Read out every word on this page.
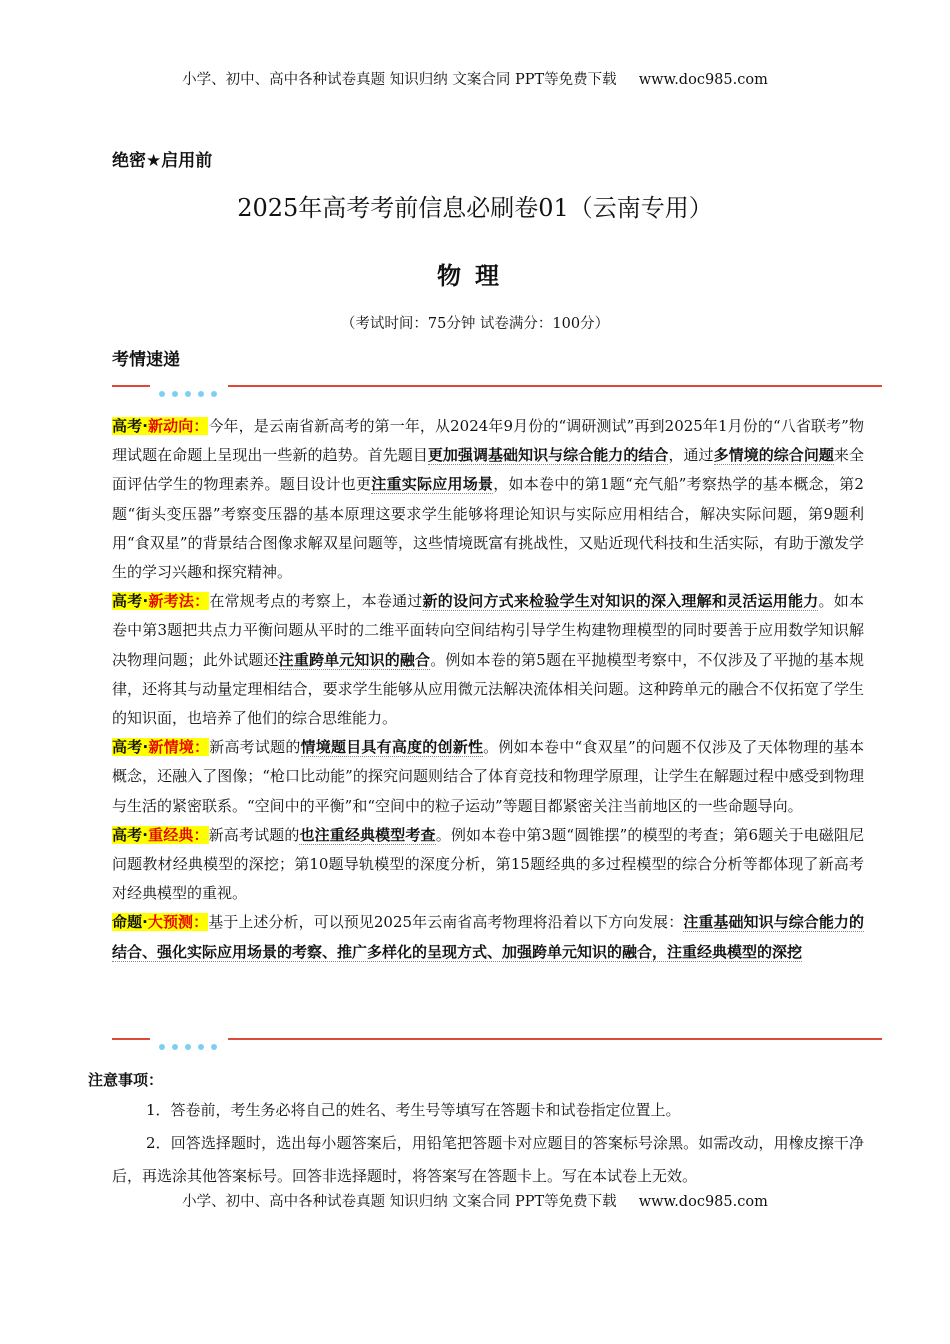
小学、初中、高中各种试卷真题 知识归纳 文案合同 PPT等免费下载 www.doc985.com
绝密★启用前
2025年高考考前信息必刷卷01（云南专用）
物理
（考试时间：75分钟 试卷满分：100分）
考情速递

高考·新动向：今年，是云南省新高考的第一年，从2024年9月份的“调研测试”再到2025年1月份的“八省联考”物理试题在命题上呈现出一些新的趋势。首先题目更加强调基础知识与综合能力的结合，通过多情境的综合问题来全面评估学生的物理素养。题目设计也更注重实际应用场景，如本卷中的第1题“充气船”考察热学的基本概念，第2题“街头变压器”考察变压器的基本原理这要求学生能够将理论知识与实际应用相结合，解决实际问题，第9题利用“食双星”的背景结合图像求解双星问题等，这些情境既富有挑战性，又贴近现代科技和生活实际，有助于激发学生的学习兴趣和探究精神。

高考·新考法：在常规考点的考察上，本卷通过新的设问方式来检验学生对知识的深入理解和灵活运用能力。如本卷中第3题把共点力平衡问题从平时的二维平面转向空间结构引导学生构建物理模型的同时要善于应用数学知识解决物理问题；此外试题还注重跨单元知识的融合。例如本卷的第5题在平抛模型考察中，不仅涉及了平抛的基本规律，还将其与动量定理相结合，要求学生能够从应用微元法解决流体相关问题。这种跨单元的融合不仅拓宽了学生的知识面，也培养了他们的综合思维能力。

高考·新情境：新高考试题的情境题目具有高度的创新性。例如本卷中“食双星”的问题不仅涉及了天体物理的基本概念，还融入了图像；“枪口比动能”的探究问题则结合了体育竞技和物理学原理，让学生在解题过程中感受到物理与生活的紧密联系。“空间中的平衡”和“空间中的粒子运动”等题目都紧密关注当前地区的一些命题导向。

高考·重经典：新高考试题的也注重经典模型考查。例如本卷中第3题“圆锥摆”的模型的考查；第6题关于电磁阻尼问题教材经典模型的深挖；第10题导轨模型的深度分析，第15题经典的多过程模型的综合分析等都体现了新高考对经典模型的重视。

命题·大预测：基于上述分析，可以预见2025年云南省高考物理将沿着以下方向发展：注重基础知识与综合能力的结合、强化实际应用场景的考察、推广多样化的呈现方式、加强跨单元知识的融合，注重经典模型的深挖

注意事项：
1．答卷前，考生务必将自己的姓名、考生号等填写在答题卡和试卷指定位置上。
2．回答选择题时，选出每小题答案后，用铅笔把答题卡对应题目的答案标号涂黑。如需改动，用橡皮擦干净后，再选涂其他答案标号。回答非选择题时，将答案写在答题卡上。写在本试卷上无效。
小学、初中、高中各种试卷真题 知识归纳 文案合同 PPT等免费下载 www.doc985.com
